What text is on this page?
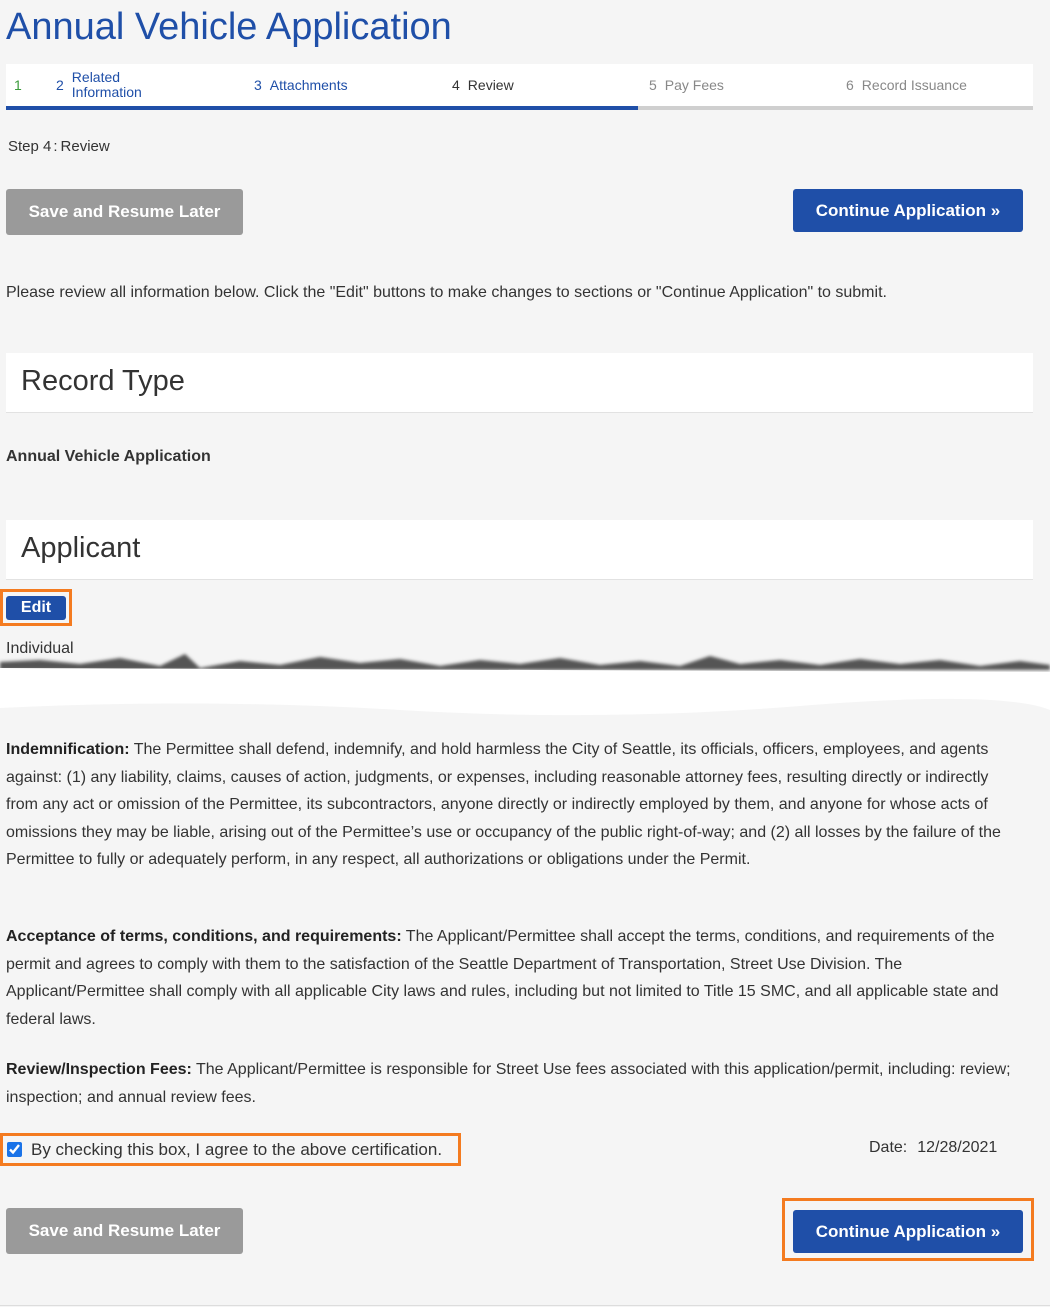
Annual Vehicle Application
1 2 Related Information	3 Attachments	4 Review	5 Pay Fees	6 Record Issuance
Step 4 : Review
Save and Resume Later	Continue Application »
Please review all information below. Click the "Edit" buttons to make changes to sections or "Continue Application" to submit.
Record Type
Annual Vehicle Application
Applicant
Edit
Individual

Indemnification: The Permittee shall defend, indemnify, and hold harmless the City of Seattle, its officials, officers, employees, and agents against: (1) any liability, claims, causes of action, judgments, or expenses, including reasonable attorney fees, resulting directly or indirectly from any act or omission of the Permittee, its subcontractors, anyone directly or indirectly employed by them, and anyone for whose acts of omissions they may be liable, arising out of the Permittee’s use or occupancy of the public right-of-way; and (2) all losses by the failure of the Permittee to fully or adequately perform, in any respect, all authorizations or obligations under the Permit.

Acceptance of terms, conditions, and requirements: The Applicant/Permittee shall accept the terms, conditions, and requirements of the permit and agrees to comply with them to the satisfaction of the Seattle Department of Transportation, Street Use Division. The Applicant/Permittee shall comply with all applicable City laws and rules, including but not limited to Title 15 SMC, and all applicable state and federal laws.

Review/Inspection Fees: The Applicant/Permittee is responsible for Street Use fees associated with this application/permit, including: review; inspection; and annual review fees.

By checking this box, I agree to the above certification.	Date: 12/28/2021
Save and Resume Later	Continue Application »
